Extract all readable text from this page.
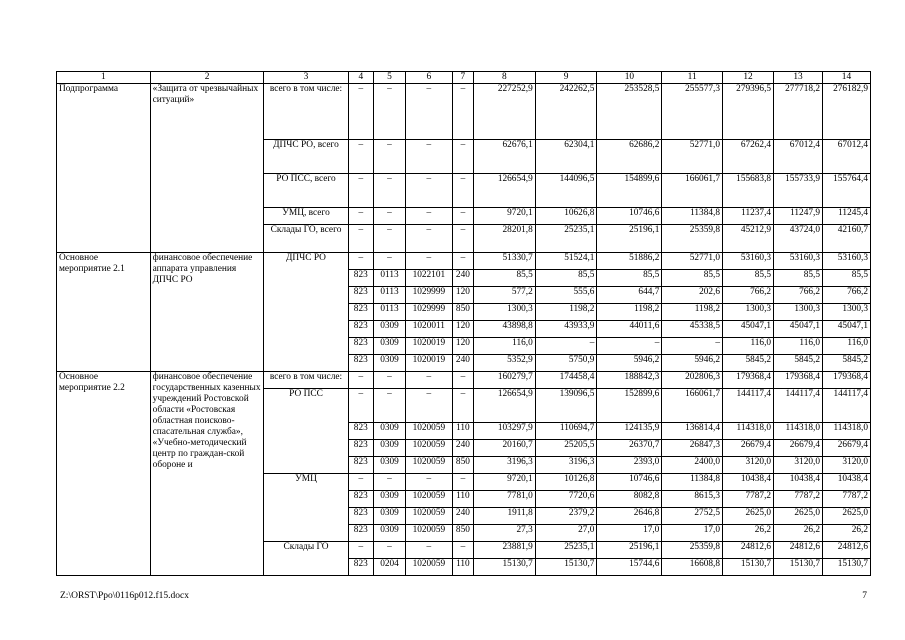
1	2	3	4	5	6	7	8	9	10	11	12	13	14
Подпрограмма	«Защита от чрезвычайных ситуаций»	всего в том числе:	–	–	–	–	227252,9	242262,5	253528,5	255577,3	279396,5	277718,2	276182,9
		ДПЧС РО, всего	–	–	–	–	62676,1	62304,1	62686,2	52771,0	67262,4	67012,4	67012,4
		РО ПСС, всего	–	–	–	–	126654,9	144096,5	154899,6	166061,7	155683,8	155733,9	155764,4
		УМЦ, всего	–	–	–	–	9720,1	10626,8	10746,6	11384,8	11237,4	11247,9	11245,4
		Склады ГО, всего	–	–	–	–	28201,8	25235,1	25196,1	25359,8	45212,9	43724,0	42160,7
Основное мероприятие 2.1	финансовое обеспечение аппарата управления ДПЧС РО	ДПЧС РО	–	–	–	–	51330,7	51524,1	51886,2	52771,0	53160,3	53160,3	53160,3
			823	0113	1022101	240	85,5	85,5	85,5	85,5	85,5	85,5	85,5
			823	0113	1029999	120	577,2	555,6	644,7	202,6	766,2	766,2	766,2
			823	0113	1029999	850	1300,3	1198,2	1198,2	1198,2	1300,3	1300,3	1300,3
			823	0309	1020011	120	43898,8	43933,9	44011,6	45338,5	45047,1	45047,1	45047,1
			823	0309	1020019	120	116,0	–	–	–	116,0	116,0	116,0
			823	0309	1020019	240	5352,9	5750,9	5946,2	5946,2	5845,2	5845,2	5845,2
Основное мероприятие 2.2	финансовое обеспечение государственных казенных учреждений Ростовской области «Ростовская областная поисково-спасательная служба», «Учебно-методический центр по граждан-ской обороне и	всего в том числе:	–	–	–	–	160279,7	174458,4	188842,3	202806,3	179368,4	179368,4	179368,4
		РО ПСС	–	–	–	–	126654,9	139096,5	152899,6	166061,7	144117,4	144117,4	144117,4
			823	0309	1020059	110	103297,9	110694,7	124135,9	136814,4	114318,0	114318,0	114318,0
			823	0309	1020059	240	20160,7	25205,5	26370,7	26847,3	26679,4	26679,4	26679,4
			823	0309	1020059	850	3196,3	3196,3	2393,0	2400,0	3120,0	3120,0	3120,0
		УМЦ	–	–	–	–	9720,1	10126,8	10746,6	11384,8	10438,4	10438,4	10438,4
			823	0309	1020059	110	7781,0	7720,6	8082,8	8615,3	7787,2	7787,2	7787,2
			823	0309	1020059	240	1911,8	2379,2	2646,8	2752,5	2625,0	2625,0	2625,0
			823	0309	1020059	850	27,3	27,0	17,0	17,0	26,2	26,2	26,2
		Склады ГО	–	–	–	–	23881,9	25235,1	25196,1	25359,8	24812,6	24812,6	24812,6
			823	0204	1020059	110	15130,7	15130,7	15744,6	16608,8	15130,7	15130,7	15130,7
Z:\ORST\Ppo\0116p012.f15.docx	7
